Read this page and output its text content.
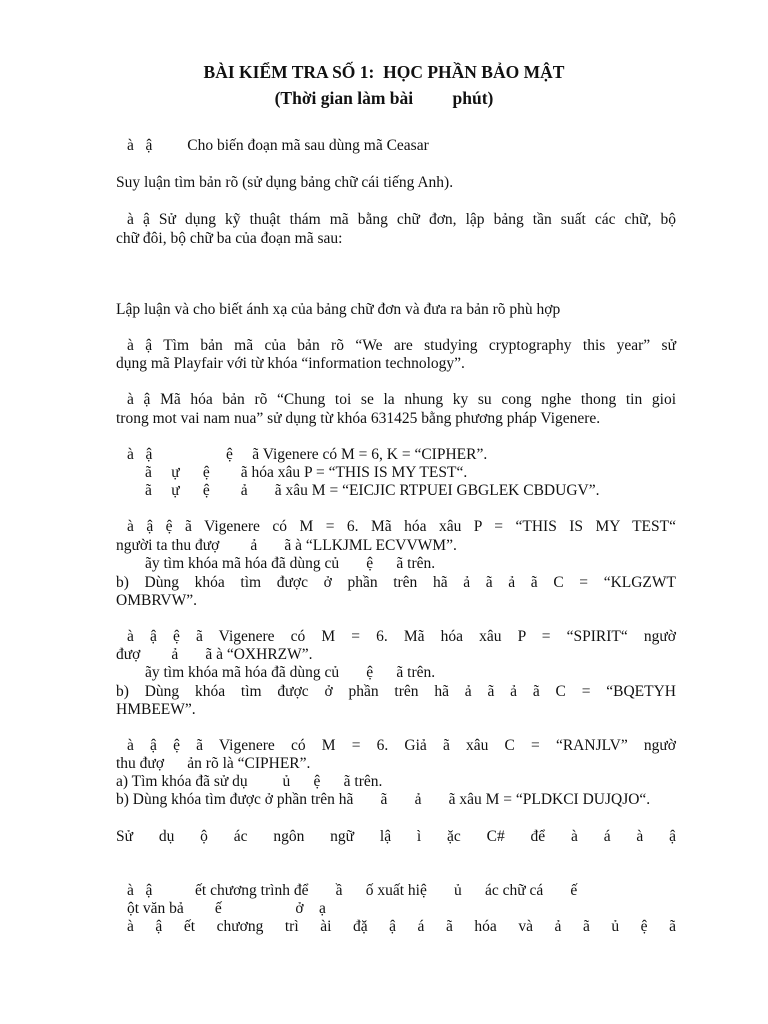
BÀI KIỂM TRA SỐ 1:  HỌC PHẦN BẢO MẬT
(Thời gian làm bài         phút)
à   ậ         Cho biến đoạn mã sau dùng mã Ceasar
Suy luận tìm bản rõ (sử dụng bảng chữ cái tiếng Anh).
à ậ Sử dụng kỹ thuật thám mã bằng chữ đơn, lập bảng tần suất các chữ, bộ
chữ đôi, bộ chữ ba của đoạn mã sau:
Lập luận và cho biết ánh xạ của bảng chữ đơn và đưa ra bản rõ phù hợp
à ậ Tìm bản mã của bản rõ “We are studying cryptography this year” sử
dụng mã Playfair với từ khóa “information technology”.
à ậ Mã hóa bản rõ “Chung toi se la nhung ky su cong nghe thong tin gioi
trong mot vai nam nua” sử dụng từ khóa 631425 bằng phương pháp Vigenere.
à   ậ                   ệ     ã Vigenere có M = 6, K = “CIPHER”.
ã     ự      ệ        ã hóa xâu P = “THIS IS MY TEST“.
ã     ự      ệ        ả       ã xâu M = “EICJIC RTPUEI GBGLEK CBDUGV”.
à ậ ệ ã Vigenere có M = 6. Mã hóa xâu P = “THIS IS MY TEST“
người ta thu đượ        ả       ã à “LLKJML ECVVWM”.
ãy tìm khóa mã hóa đã dùng củ       ệ      ã trên.
b) Dùng khóa tìm được ở phần trên hã ả ã ả ã C = “KLGZWT
OMBRVW”.
à ậ ệ ã Vigenere có M = 6. Mã hóa xâu P = “SPIRIT“ ngườ
đượ        ả       ã à “OXHRZW”.
ãy tìm khóa mã hóa đã dùng củ       ệ      ã trên.
b) Dùng khóa tìm được ở phần trên hã ả ã ả ã C = “BQETYH
HMBEEW”.
à ậ ệ ã Vigenere có M = 6. Giả ã xâu C = “RANJLV” ngườ
thu đượ      ản rõ là “CIPHER”.
a) Tìm khóa đã sử dụ         ủ      ệ      ã trên.
b) Dùng khóa tìm được ở phần trên hã       ã       ả       ã xâu M = “PLDKCI DUJQJO“.
Sử dụ ộ ác ngôn ngữ lậ ì ặc C# để à á à ậ
à   ậ           ết chương trình để       ầ      ố xuất hiệ       ủ      ác chữ cá       ế
ột văn bả        ế                   ở    ạ
à ậ ết chương trì ài đặ ậ á ã hóa và ả ã ủ ệ ã
